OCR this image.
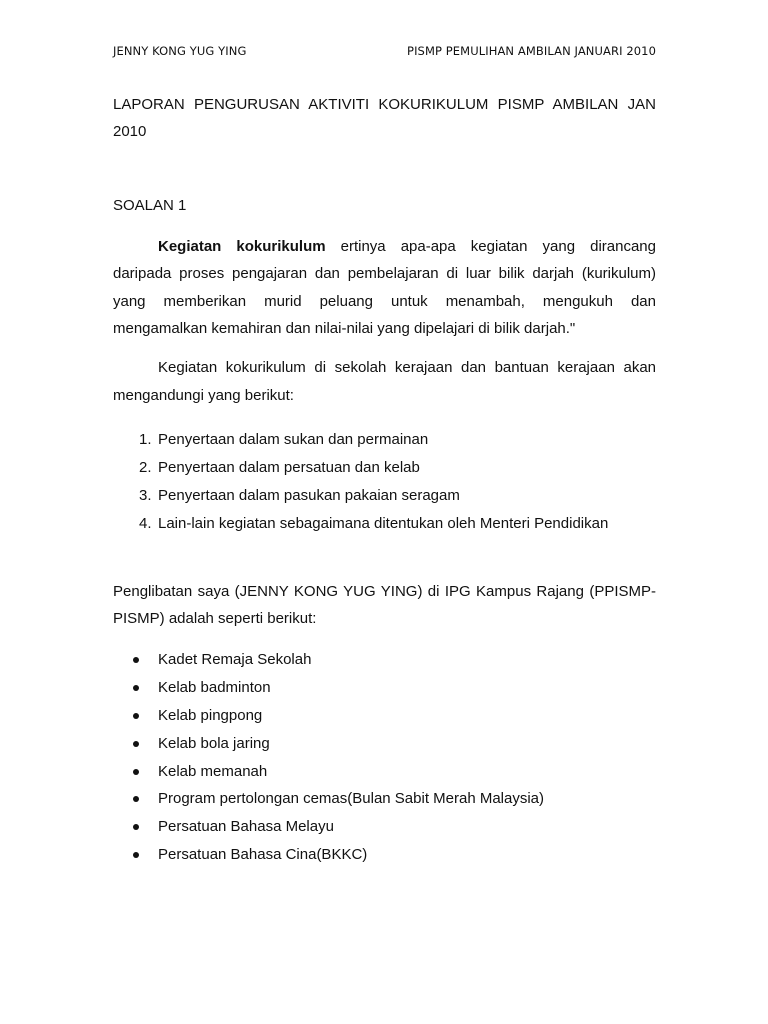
JENNY KONG YUG YING	PISMP PEMULIHAN AMBILAN JANUARI 2010
LAPORAN PENGURUSAN AKTIVITI KOKURIKULUM PISMP AMBILAN JAN
2010
SOALAN 1
Kegiatan kokurikulum ertinya apa-apa kegiatan yang dirancang
daripada proses pengajaran dan pembelajaran di luar bilik darjah (kurikulum)
yang memberikan murid peluang untuk menambah, mengukuh dan
mengamalkan kemahiran dan nilai-nilai yang dipelajari di bilik darjah."
Kegiatan kokurikulum di sekolah kerajaan dan bantuan kerajaan akan
mengandungi yang berikut:
1. Penyertaan dalam sukan dan permainan
2. Penyertaan dalam persatuan dan kelab
3. Penyertaan dalam pasukan pakaian seragam
4. Lain-lain kegiatan sebagaimana ditentukan oleh Menteri Pendidikan
Penglibatan saya (JENNY KONG YUG YING) di IPG Kampus Rajang (PPISMP-
PISMP) adalah seperti berikut:
Kadet Remaja Sekolah
Kelab badminton
Kelab pingpong
Kelab bola jaring
Kelab memanah
Program pertolongan cemas(Bulan Sabit Merah Malaysia)
Persatuan Bahasa Melayu
Persatuan Bahasa Cina(BKKC)
